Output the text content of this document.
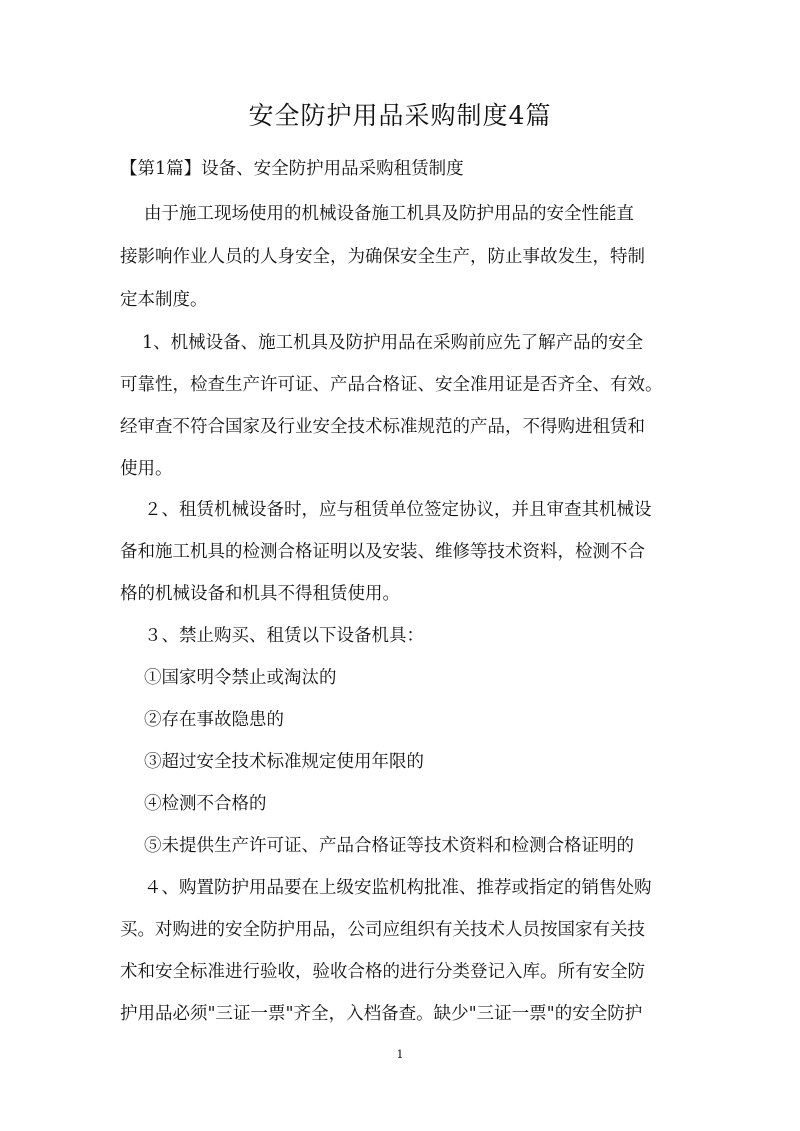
安全防护用品采购制度4篇
【第1篇】设备、安全防护用品采购租赁制度
由于施工现场使用的机械设备施工机具及防护用品的安全性能直
接影响作业人员的人身安全，为确保安全生产，防止事故发生，特制
定本制度。
1、机械设备、施工机具及防护用品在采购前应先了解产品的安全
可靠性，检查生产许可证、产品合格证、安全准用证是否齐全、有效。
经审查不符合国家及行业安全技术标准规范的产品，不得购进租赁和
使用。
２、租赁机械设备时，应与租赁单位签定协议，并且审查其机械设
备和施工机具的检测合格证明以及安装、维修等技术资料，检测不合
格的机械设备和机具不得租赁使用。
３、禁止购买、租赁以下设备机具：
①国家明令禁止或淘汰的
②存在事故隐患的
③超过安全技术标准规定使用年限的
④检测不合格的
⑤未提供生产许可证、产品合格证等技术资料和检测合格证明的
４、购置防护用品要在上级安监机构批准、推荐或指定的销售处购
买。对购进的安全防护用品，公司应组织有关技术人员按国家有关技
术和安全标准进行验收，验收合格的进行分类登记入库。所有安全防
护用品必须"三证一票"齐全，入档备查。缺少"三证一票"的安全防护
1
